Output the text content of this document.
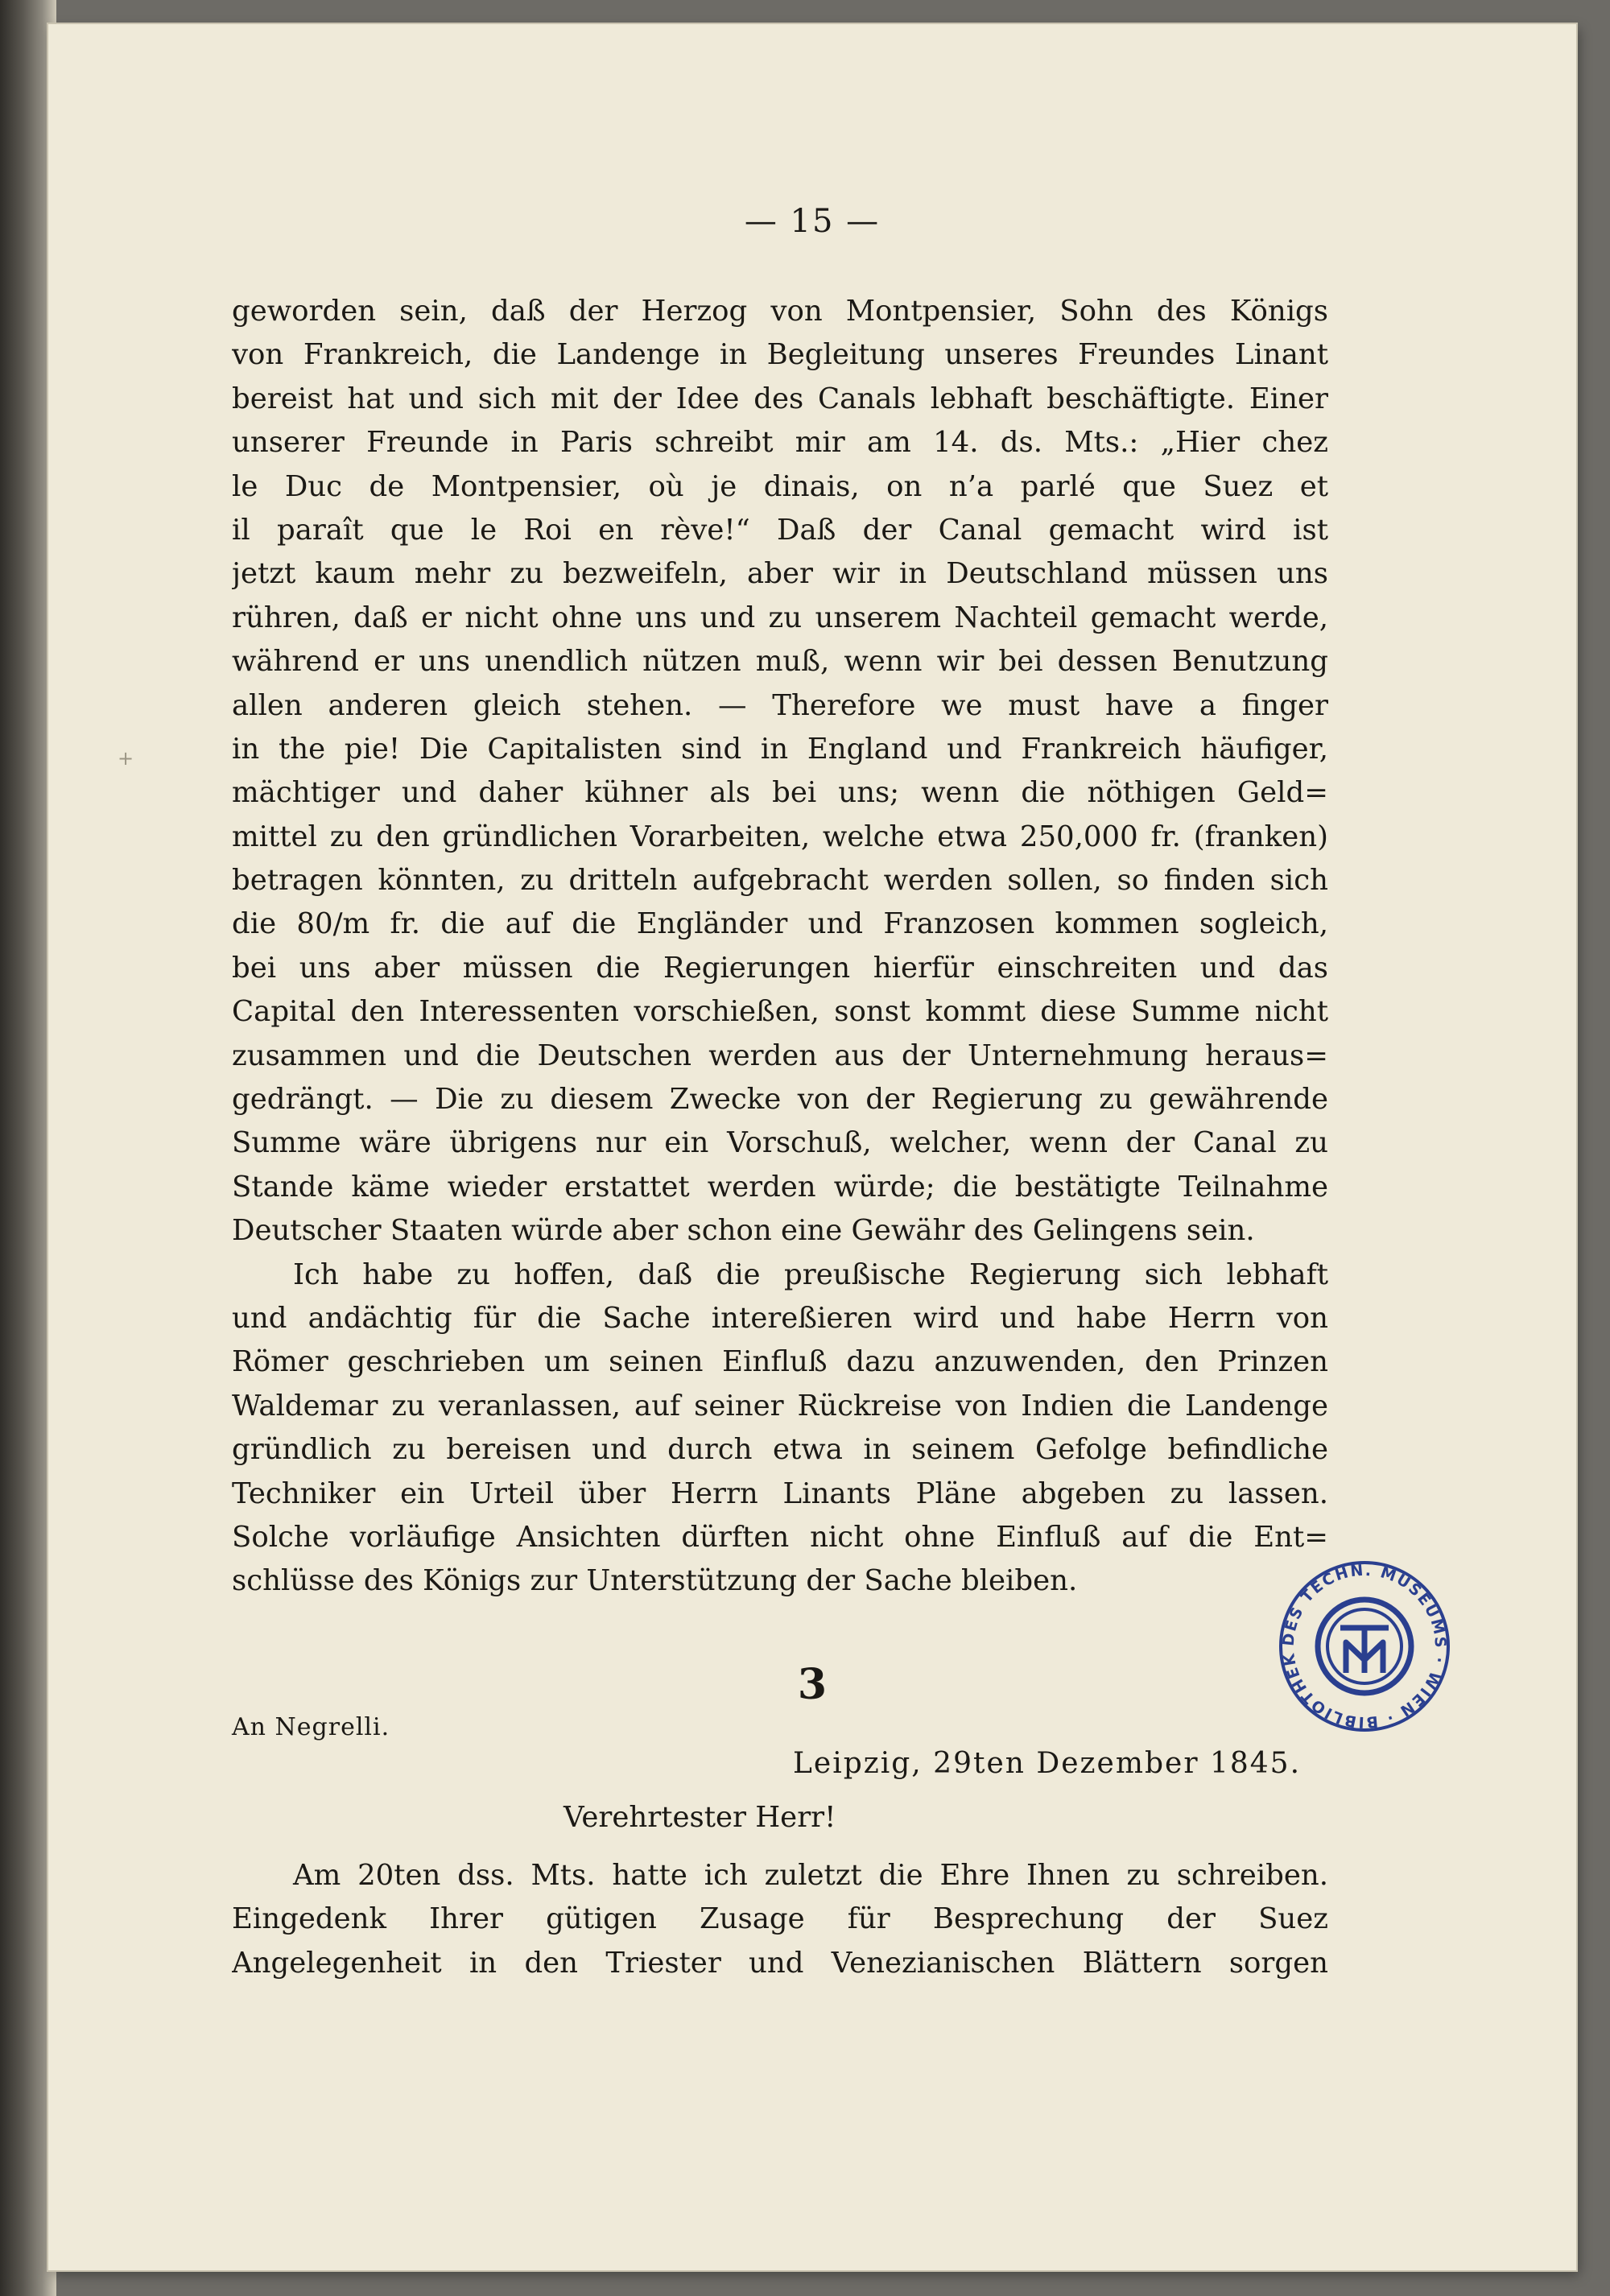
— 15 —
+
geworden sein, daß der Herzog von Montpensier, Sohn des Königs
von Frankreich, die Landenge in Begleitung unseres Freundes Linant
bereist hat und sich mit der Idee des Canals lebhaft beschäftigte. Einer
unserer Freunde in Paris schreibt mir am 14. ds. Mts.: „Hier chez
le Duc de Montpensier, où je dinais, on n’a parlé que Suez et
il paraît que le Roi en rève!“ Daß der Canal gemacht wird ist
jetzt kaum mehr zu bezweifeln, aber wir in Deutschland müssen uns
rühren, daß er nicht ohne uns und zu unserem Nachteil gemacht werde,
während er uns unendlich nützen muß, wenn wir bei dessen Benutzung
allen anderen gleich stehen. — Therefore we must have a finger
in the pie! Die Capitalisten sind in England und Frankreich häufiger,
mächtiger und daher kühner als bei uns; wenn die nöthigen Geld=
mittel zu den gründlichen Vorarbeiten, welche etwa 250,000 fr. (franken)
betragen könnten, zu dritteln aufgebracht werden sollen, so finden sich
die 80/m fr. die auf die Engländer und Franzosen kommen sogleich,
bei uns aber müssen die Regierungen hierfür einschreiten und das
Capital den Interessenten vorschießen, sonst kommt diese Summe nicht
zusammen und die Deutschen werden aus der Unternehmung heraus=
gedrängt. — Die zu diesem Zwecke von der Regierung zu gewährende
Summe wäre übrigens nur ein Vorschuß, welcher, wenn der Canal zu
Stande käme wieder erstattet werden würde; die bestätigte Teilnahme
Deutscher Staaten würde aber schon eine Gewähr des Gelingens sein.
Ich habe zu hoffen, daß die preußische Regierung sich lebhaft
und andächtig für die Sache intereßieren wird und habe Herrn von
Römer geschrieben um seinen Einfluß dazu anzuwenden, den Prinzen
Waldemar zu veranlassen, auf seiner Rückreise von Indien die Landenge
gründlich zu bereisen und durch etwa in seinem Gefolge befindliche
Techniker ein Urteil über Herrn Linants Pläne abgeben zu lassen.
Solche vorläufige Ansichten dürften nicht ohne Einfluß auf die Ent=
schlüsse des Königs zur Unterstützung der Sache bleiben.
3
An Negrelli.
Leipzig, 29ten Dezember 1845.
Verehrtester Herr!
Am 20ten dss. Mts. hatte ich zuletzt die Ehre Ihnen zu schreiben.
Eingedenk Ihrer gütigen Zusage für Besprechung der Suez
Angelegenheit in den Triester und Venezianischen Blättern sorgen
DES TECHN. MUSEUMS · WIEN · BIBLIOTHEK
